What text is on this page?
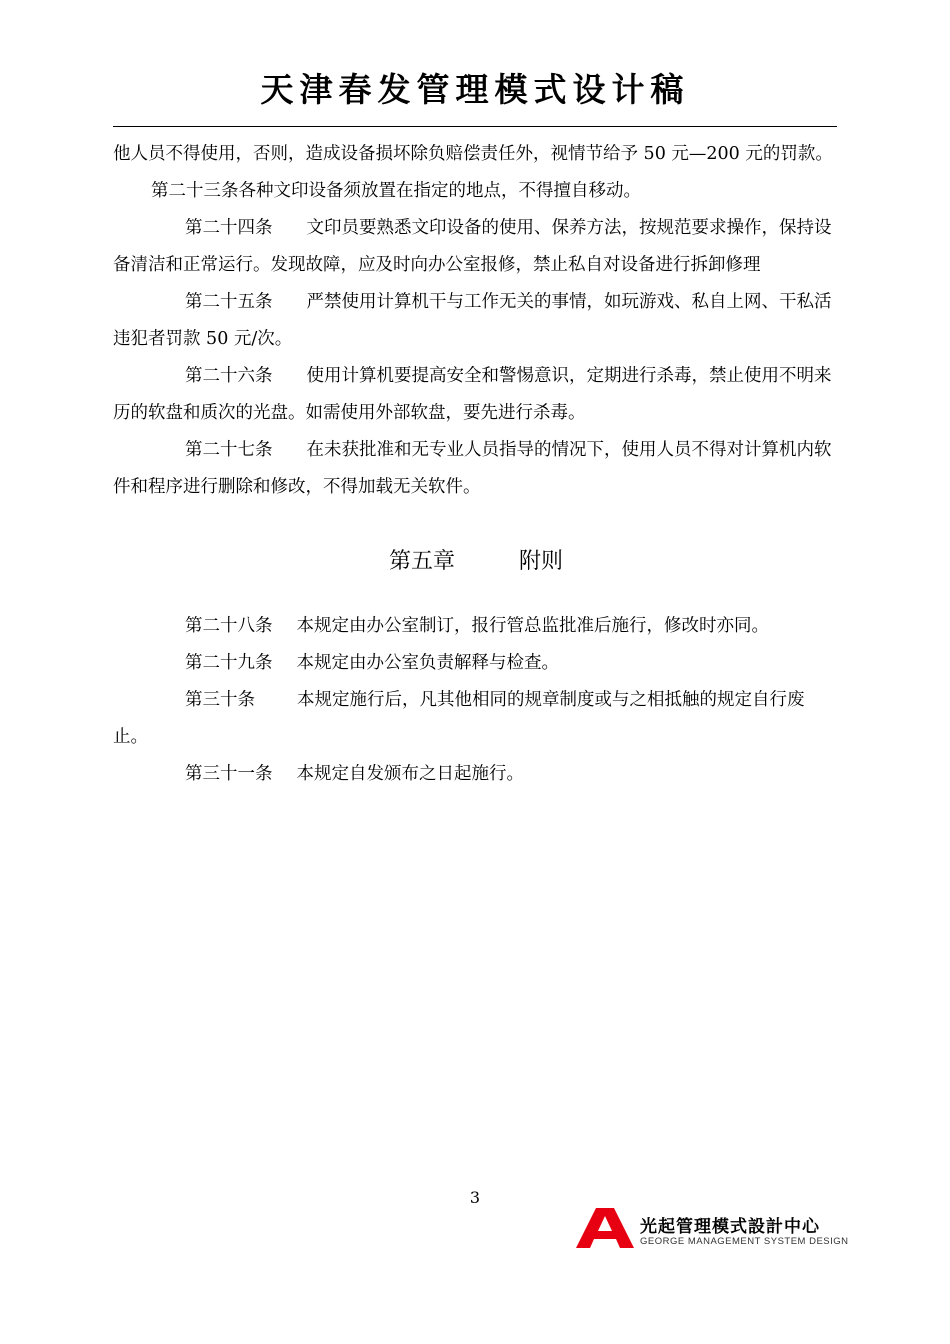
天津春发管理模式设计稿

他人员不得使用，否则，造成设备损坏除负赔偿责任外，视情节给予 50 元—200 元的罚款。

第二十三条各种文印设备须放置在指定的地点，不得擅自移动。

第二十四条 文印员要熟悉文印设备的使用、保养方法，按规范要求操作，保持设备清洁和正常运行。发现故障，应及时向办公室报修，禁止私自对设备进行拆卸修理

第二十五条 严禁使用计算机干与工作无关的事情，如玩游戏、私自上网、干私活违犯者罚款 50 元/次。

第二十六条 使用计算机要提高安全和警惕意识，定期进行杀毒，禁止使用不明来历的软盘和质次的光盘。如需使用外部软盘，要先进行杀毒。

第二十七条 在未获批准和无专业人员指导的情况下，使用人员不得对计算机内软件和程序进行删除和修改，不得加载无关软件。

第五章	附则

第二十八条 本规定由办公室制订，报行管总监批准后施行，修改时亦同。

第二十九条 本规定由办公室负责解释与检查。

第三十条 本规定施行后，凡其他相同的规章制度或与之相抵触的规定自行废止。

第三十一条 本规定自发颁布之日起施行。

3
光起管理模式設計中心
GEORGE MANAGEMENT SYSTEM DESIGN
